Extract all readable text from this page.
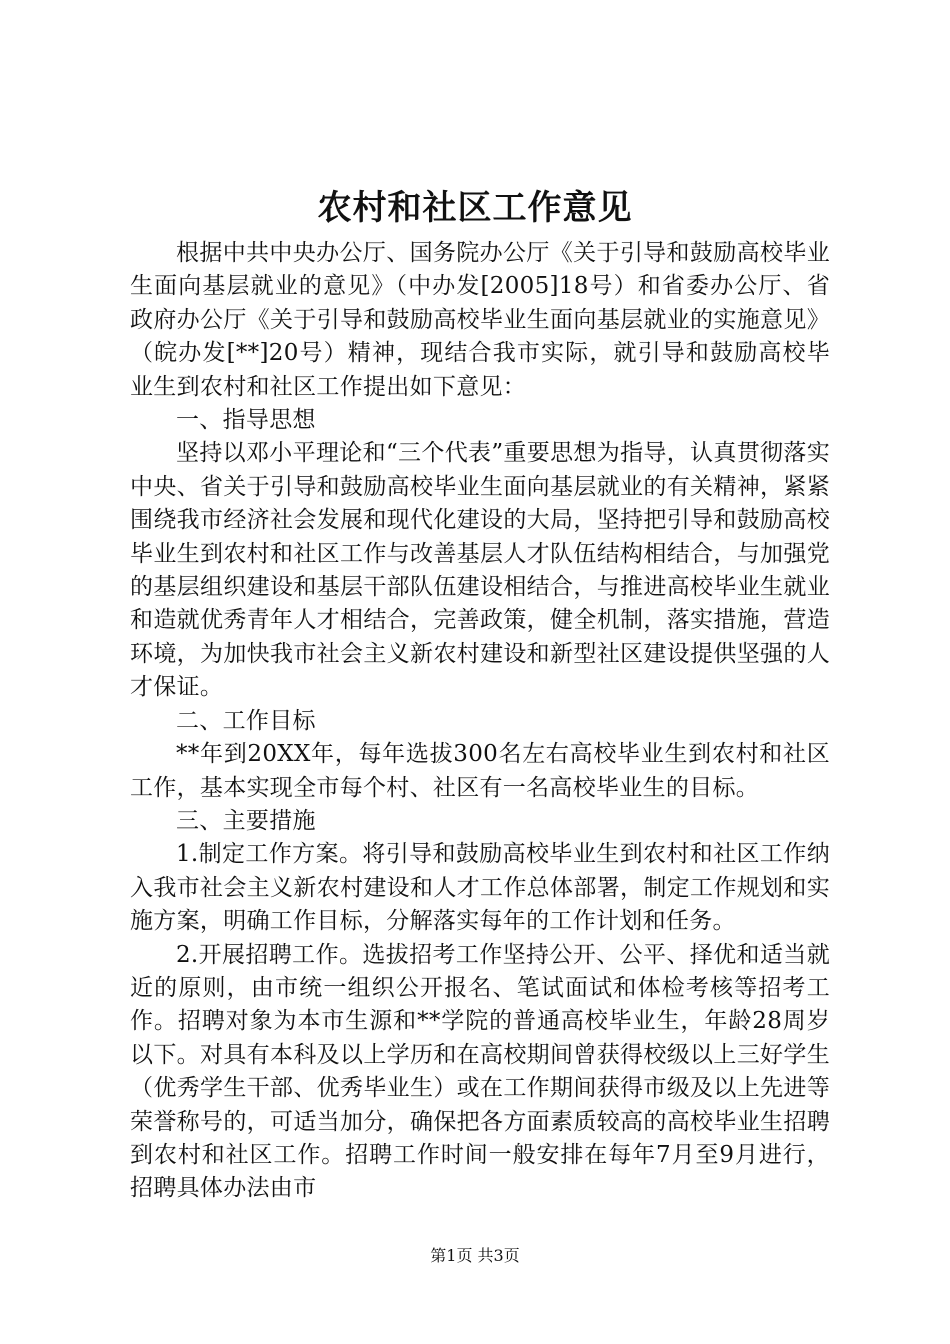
农村和社区工作意见

根据中共中央办公厅、国务院办公厅《关于引导和鼓励高校毕业生面向基层就业的意见》（中办发[2005]18号）和省委办公厅、省政府办公厅《关于引导和鼓励高校毕业生面向基层就业的实施意见》（皖办发[**]20号）精神，现结合我市实际，就引导和鼓励高校毕业生到农村和社区工作提出如下意见：

一、指导思想

坚持以邓小平理论和“三个代表”重要思想为指导，认真贯彻落实中央、省关于引导和鼓励高校毕业生面向基层就业的有关精神，紧紧围绕我市经济社会发展和现代化建设的大局，坚持把引导和鼓励高校毕业生到农村和社区工作与改善基层人才队伍结构相结合，与加强党的基层组织建设和基层干部队伍建设相结合，与推进高校毕业生就业和造就优秀青年人才相结合，完善政策，健全机制，落实措施，营造环境，为加快我市社会主义新农村建设和新型社区建设提供坚强的人才保证。

二、工作目标

**年到20XX年，每年选拔300名左右高校毕业生到农村和社区工作，基本实现全市每个村、社区有一名高校毕业生的目标。

三、主要措施

1.制定工作方案。将引导和鼓励高校毕业生到农村和社区工作纳入我市社会主义新农村建设和人才工作总体部署，制定工作规划和实施方案，明确工作目标，分解落实每年的工作计划和任务。

2.开展招聘工作。选拔招考工作坚持公开、公平、择优和适当就近的原则，由市统一组织公开报名、笔试面试和体检考核等招考工作。招聘对象为本市生源和**学院的普通高校毕业生，年龄28周岁以下。对具有本科及以上学历和在高校期间曾获得校级以上三好学生（优秀学生干部、优秀毕业生）或在工作期间获得市级及以上先进等荣誉称号的，可适当加分，确保把各方面素质较高的高校毕业生招聘到农村和社区工作。招聘工作时间一般安排在每年7月至9月进行，招聘具体办法由市

第1页 共3页
